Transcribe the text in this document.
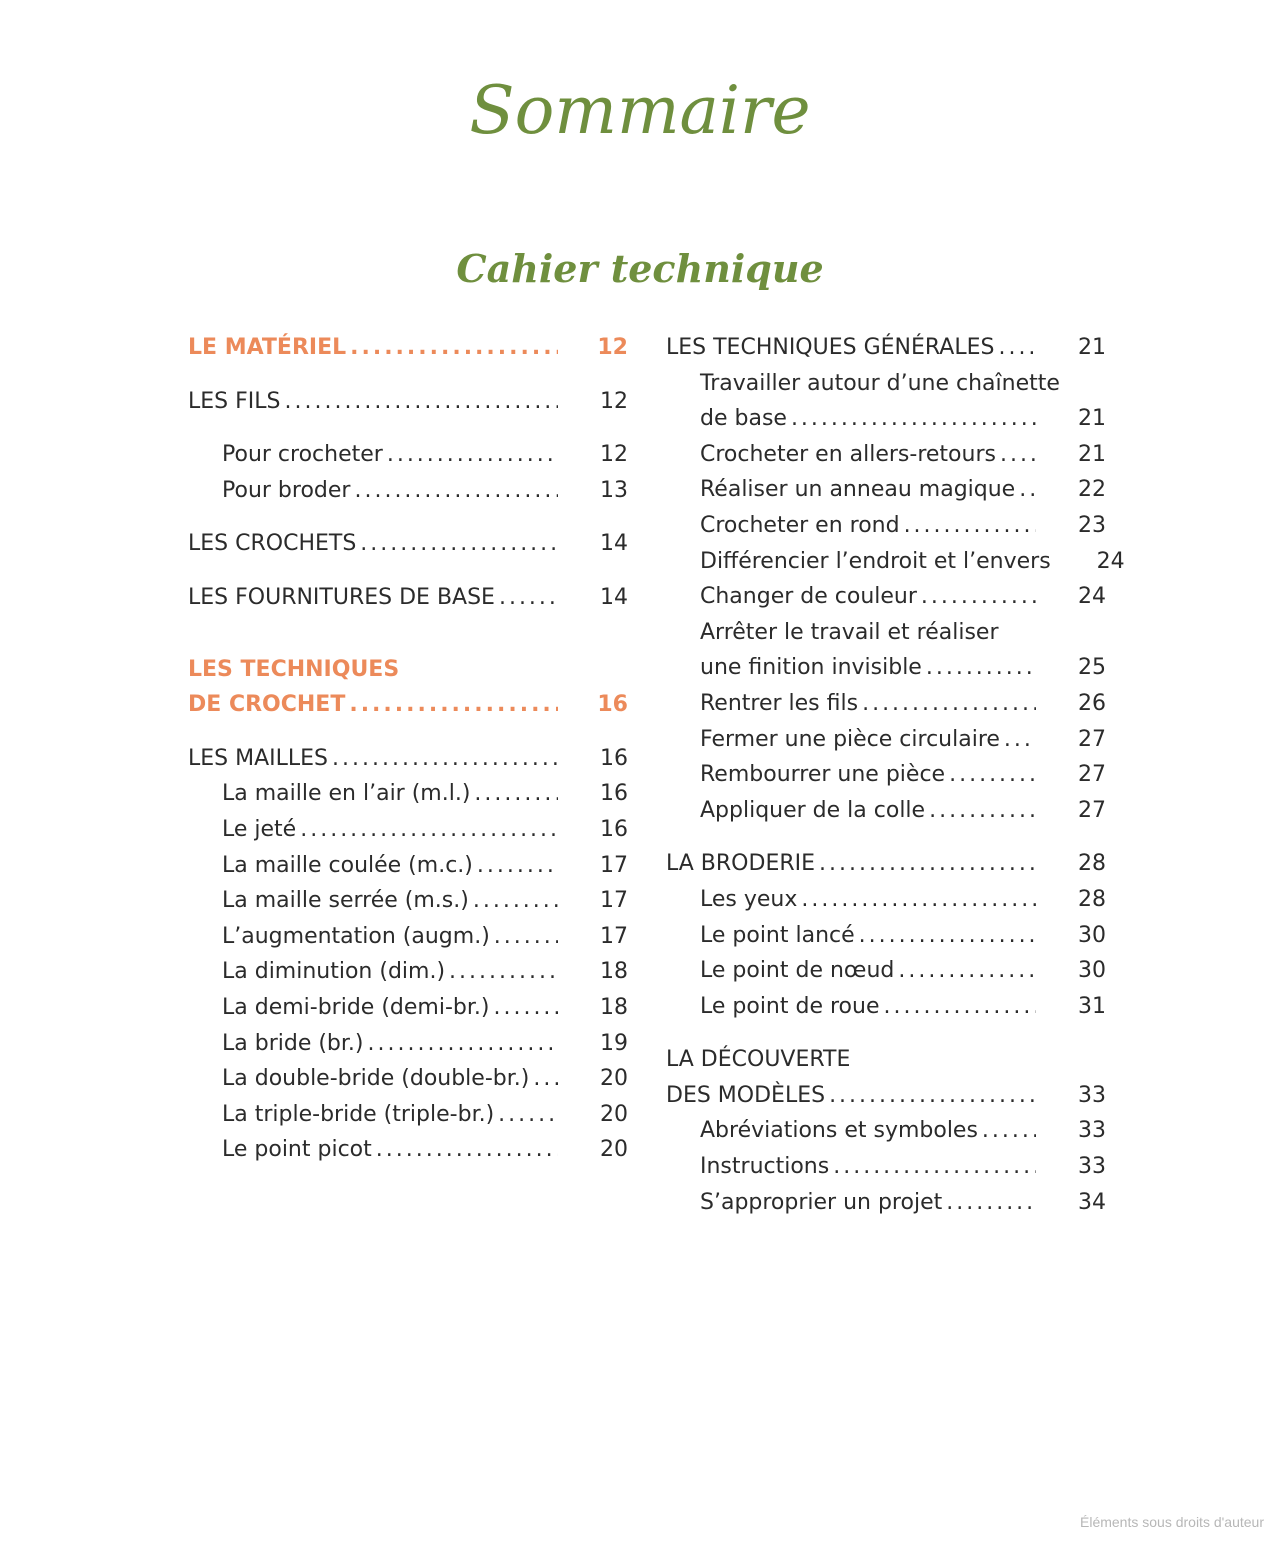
Sommaire
Cahier technique
LE MATÉRIEL .....	12
LES FILS .....	12
Pour crocheter .....	12
Pour broder .....	13
LES CROCHETS .....	14
LES FOURNITURES DE BASE .....	14
LES TECHNIQUES
DE CROCHET .....	16
LES MAILLES .....	16
La maille en l’air (m.l.) .....	16
Le jeté .....	16
La maille coulée (m.c.) .....	17
La maille serrée (m.s.) .....	17
L’augmentation (augm.) .....	17
La diminution (dim.) .....	18
La demi-bride (demi-br.) .....	18
La bride (br.) .....	19
La double-bride (double-br.) .....	20
La triple-bride (triple-br.) .....	20
Le point picot .....	20
LES TECHNIQUES GÉNÉRALES .....	21
Travailler autour d’une chaînette
de base .....	21
Crocheter en allers-retours .....	21
Réaliser un anneau magique .....	22
Crocheter en rond .....	23
Différencier l’endroit et l’envers	24
Changer de couleur .....	24
Arrêter le travail et réaliser
une finition invisible .....	25
Rentrer les fils .....	26
Fermer une pièce circulaire .....	27
Rembourrer une pièce .....	27
Appliquer de la colle .....	27
LA BRODERIE .....	28
Les yeux .....	28
Le point lancé .....	30
Le point de nœud .....	30
Le point de roue .....	31
LA DÉCOUVERTE
DES MODÈLES .....	33
Abréviations et symboles .....	33
Instructions .....	33
S’approprier un projet .....	34
Éléments sous droits d'auteur
